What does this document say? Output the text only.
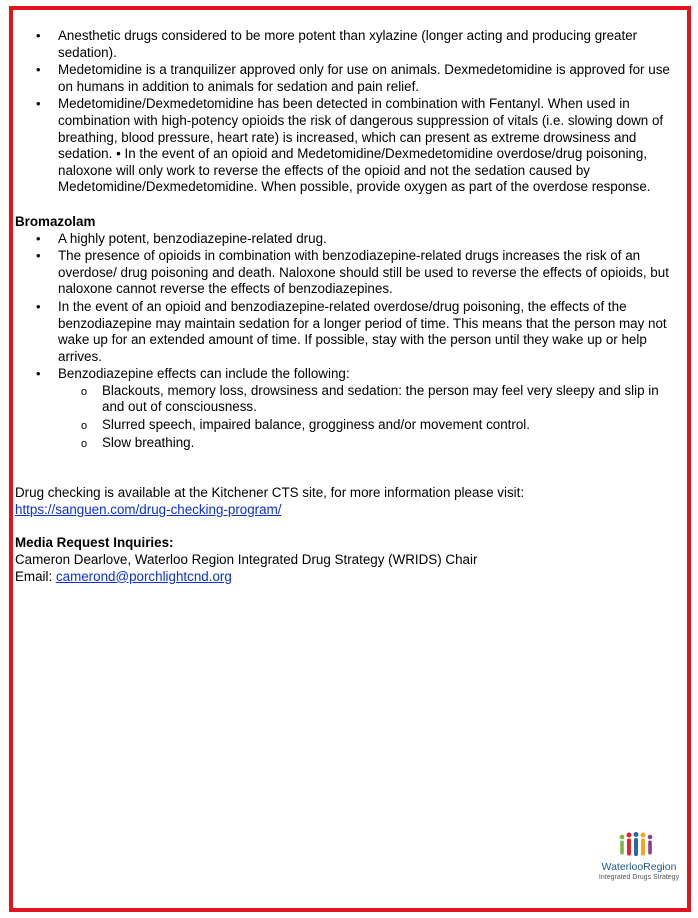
• Anesthetic drugs considered to be more potent than xylazine (longer acting and producing greater sedation).
• Medetomidine is a tranquilizer approved only for use on animals. Dexmedetomidine is approved for use on humans in addition to animals for sedation and pain relief.
• Medetomidine/Dexmedetomidine has been detected in combination with Fentanyl. When used in combination with high-potency opioids the risk of dangerous suppression of vitals (i.e. slowing down of breathing, blood pressure, heart rate) is increased, which can present as extreme drowsiness and sedation. • In the event of an opioid and Medetomidine/Dexmedetomidine overdose/drug poisoning, naloxone will only work to reverse the effects of the opioid and not the sedation caused by Medetomidine/Dexmedetomidine. When possible, provide oxygen as part of the overdose response.

Bromazolam

• A highly potent, benzodiazepine-related drug.
• The presence of opioids in combination with benzodiazepine-related drugs increases the risk of an overdose/ drug poisoning and death. Naloxone should still be used to reverse the effects of opioids, but naloxone cannot reverse the effects of benzodiazepines.
• In the event of an opioid and benzodiazepine-related overdose/drug poisoning, the effects of the benzodiazepine may maintain sedation for a longer period of time. This means that the person may not wake up for an extended amount of time. If possible, stay with the person until they wake up or help arrives.
• Benzodiazepine effects can include the following:
o Blackouts, memory loss, drowsiness and sedation: the person may feel very sleepy and slip in and out of consciousness.
o Slurred speech, impaired balance, grogginess and/or movement control.
o Slow breathing.

Drug checking is available at the Kitchener CTS site, for more information please visit:

https://sanguen.com/drug-checking-program/

Media Request Inquiries:

Cameron Dearlove, Waterloo Region Integrated Drug Strategy (WRIDS) Chair

Email: camerond@porchlightcnd.org

WaterlooRegion
Integrated Drugs Strategy
